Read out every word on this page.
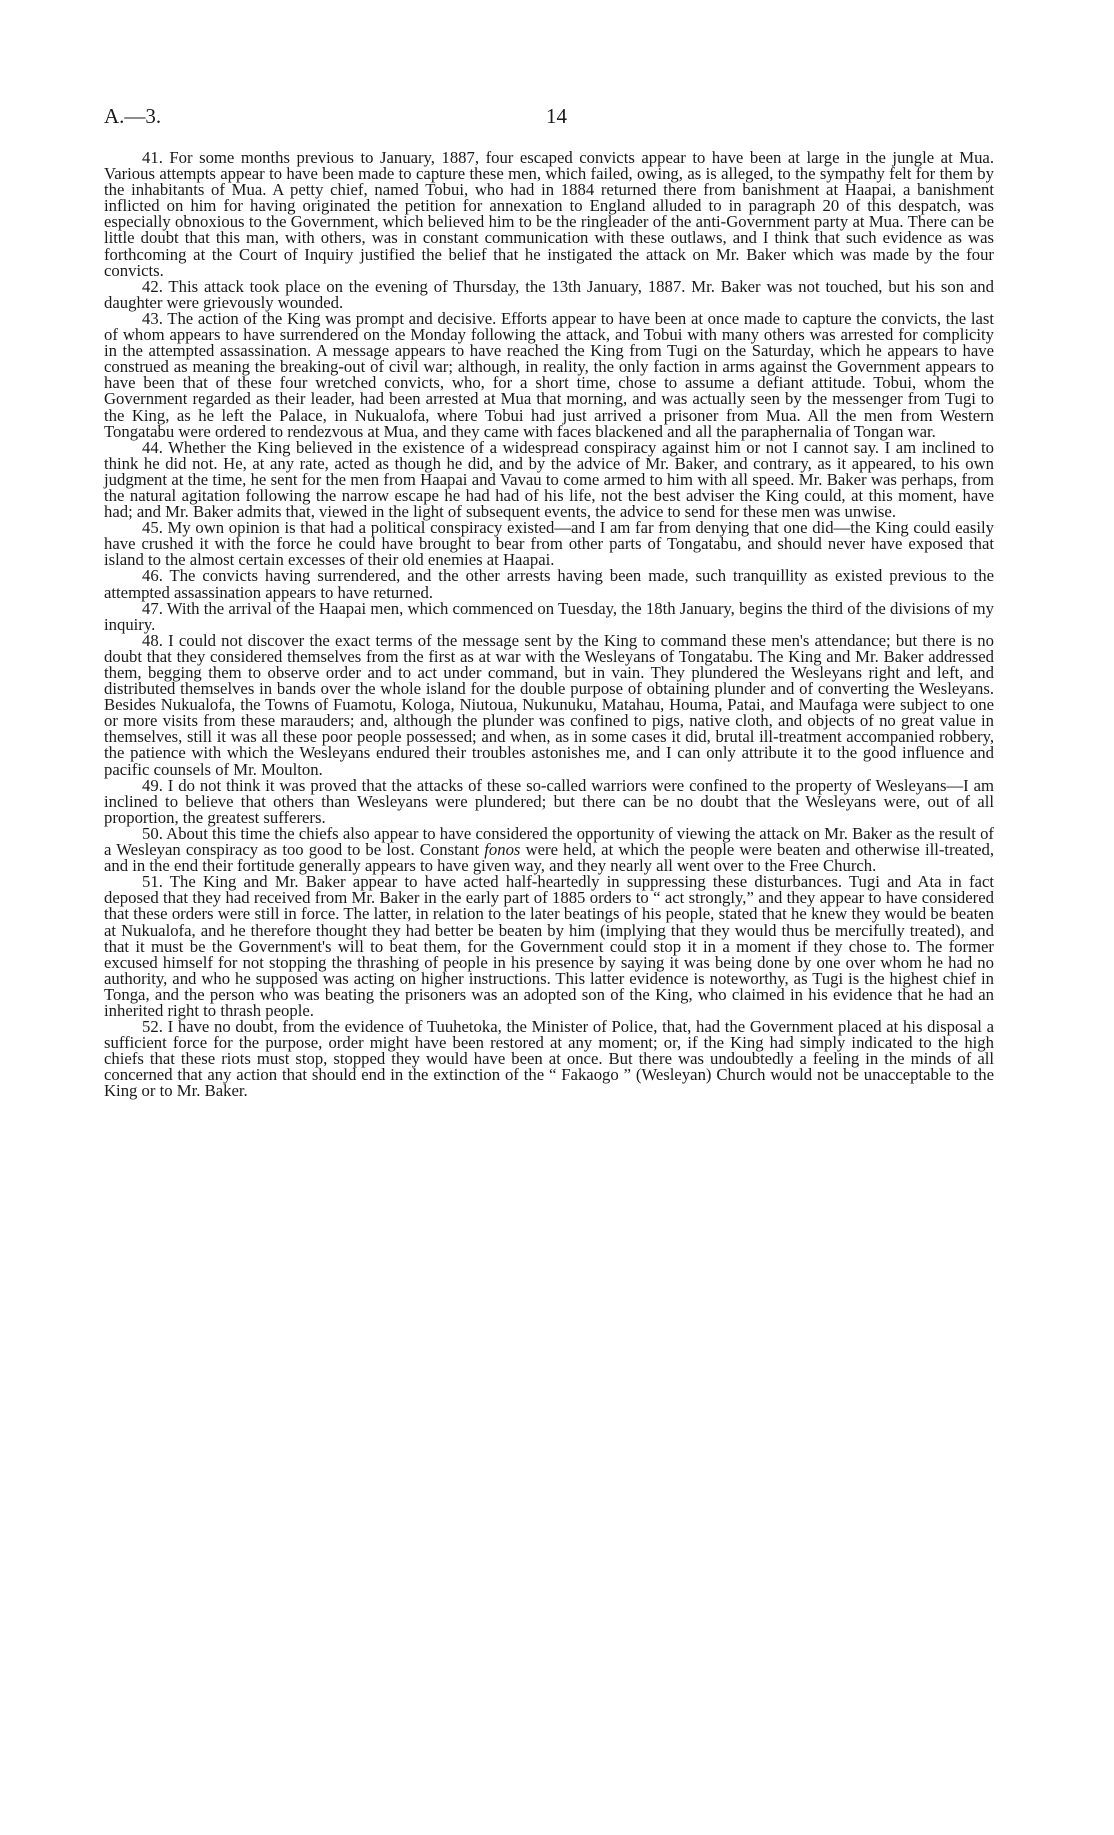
A.—3.	14

41. For some months previous to January, 1887, four escaped convicts appear to have been at large in the jungle at Mua. Various attempts appear to have been made to capture these men, which failed, owing, as is alleged, to the sympathy felt for them by the inhabitants of Mua. A petty chief, named Tobui, who had in 1884 returned there from banishment at Haapai, a banishment inflicted on him for having originated the petition for annexation to England alluded to in paragraph 20 of this despatch, was especially obnoxious to the Government, which believed him to be the ringleader of the anti-Government party at Mua. There can be little doubt that this man, with others, was in constant communication with these outlaws, and I think that such evidence as was forthcoming at the Court of Inquiry justified the belief that he instigated the attack on Mr. Baker which was made by the four convicts.

42. This attack took place on the evening of Thursday, the 13th January, 1887. Mr. Baker was not touched, but his son and daughter were grievously wounded.

43. The action of the King was prompt and decisive. Efforts appear to have been at once made to capture the convicts, the last of whom appears to have surrendered on the Monday following the attack, and Tobui with many others was arrested for complicity in the attempted assassination. A message appears to have reached the King from Tugi on the Saturday, which he appears to have construed as meaning the breaking-out of civil war; although, in reality, the only faction in arms against the Government appears to have been that of these four wretched convicts, who, for a short time, chose to assume a defiant attitude. Tobui, whom the Government regarded as their leader, had been arrested at Mua that morning, and was actually seen by the messenger from Tugi to the King, as he left the Palace, in Nukualofa, where Tobui had just arrived a prisoner from Mua. All the men from Western Tongatabu were ordered to rendezvous at Mua, and they came with faces blackened and all the paraphernalia of Tongan war.

44. Whether the King believed in the existence of a widespread conspiracy against him or not I cannot say. I am inclined to think he did not. He, at any rate, acted as though he did, and by the advice of Mr. Baker, and contrary, as it appeared, to his own judgment at the time, he sent for the men from Haapai and Vavau to come armed to him with all speed. Mr. Baker was perhaps, from the natural agitation following the narrow escape he had had of his life, not the best adviser the King could, at this moment, have had; and Mr. Baker admits that, viewed in the light of subsequent events, the advice to send for these men was unwise.

45. My own opinion is that had a political conspiracy existed—and I am far from denying that one did—the King could easily have crushed it with the force he could have brought to bear from other parts of Tongatabu, and should never have exposed that island to the almost certain excesses of their old enemies at Haapai.

46. The convicts having surrendered, and the other arrests having been made, such tranquillity as existed previous to the attempted assassination appears to have returned.

47. With the arrival of the Haapai men, which commenced on Tuesday, the 18th January, begins the third of the divisions of my inquiry.

48. I could not discover the exact terms of the message sent by the King to command these men's attendance; but there is no doubt that they considered themselves from the first as at war with the Wesleyans of Tongatabu. The King and Mr. Baker addressed them, begging them to observe order and to act under command, but in vain. They plundered the Wesleyans right and left, and distributed themselves in bands over the whole island for the double purpose of obtaining plunder and of converting the Wesleyans. Besides Nukualofa, the Towns of Fuamotu, Kologa, Niutoua, Nukunuku, Matahau, Houma, Patai, and Maufaga were subject to one or more visits from these marauders; and, although the plunder was confined to pigs, native cloth, and objects of no great value in themselves, still it was all these poor people possessed; and when, as in some cases it did, brutal ill-treatment accompanied robbery, the patience with which the Wesleyans endured their troubles astonishes me, and I can only attribute it to the good influence and pacific counsels of Mr. Moulton.

49. I do not think it was proved that the attacks of these so-called warriors were confined to the property of Wesleyans—I am inclined to believe that others than Wesleyans were plundered; but there can be no doubt that the Wesleyans were, out of all proportion, the greatest sufferers.

50. About this time the chiefs also appear to have considered the opportunity of viewing the attack on Mr. Baker as the result of a Wesleyan conspiracy as too good to be lost. Constant fonos were held, at which the people were beaten and otherwise ill-treated, and in the end their fortitude generally appears to have given way, and they nearly all went over to the Free Church.

51. The King and Mr. Baker appear to have acted half-heartedly in suppressing these disturbances. Tugi and Ata in fact deposed that they had received from Mr. Baker in the early part of 1885 orders to “ act strongly,” and they appear to have considered that these orders were still in force. The latter, in relation to the later beatings of his people, stated that he knew they would be beaten at Nukualofa, and he therefore thought they had better be beaten by him (implying that they would thus be mercifully treated), and that it must be the Government's will to beat them, for the Government could stop it in a moment if they chose to. The former excused himself for not stopping the thrashing of people in his presence by saying it was being done by one over whom he had no authority, and who he supposed was acting on higher instructions. This latter evidence is noteworthy, as Tugi is the highest chief in Tonga, and the person who was beating the prisoners was an adopted son of the King, who claimed in his evidence that he had an inherited right to thrash people.

52. I have no doubt, from the evidence of Tuuhetoka, the Minister of Police, that, had the Government placed at his disposal a sufficient force for the purpose, order might have been restored at any moment; or, if the King had simply indicated to the high chiefs that these riots must stop, stopped they would have been at once. But there was undoubtedly a feeling in the minds of all concerned that any action that should end in the extinction of the “ Fakaogo ” (Wesleyan) Church would not be unacceptable to the King or to Mr. Baker.
